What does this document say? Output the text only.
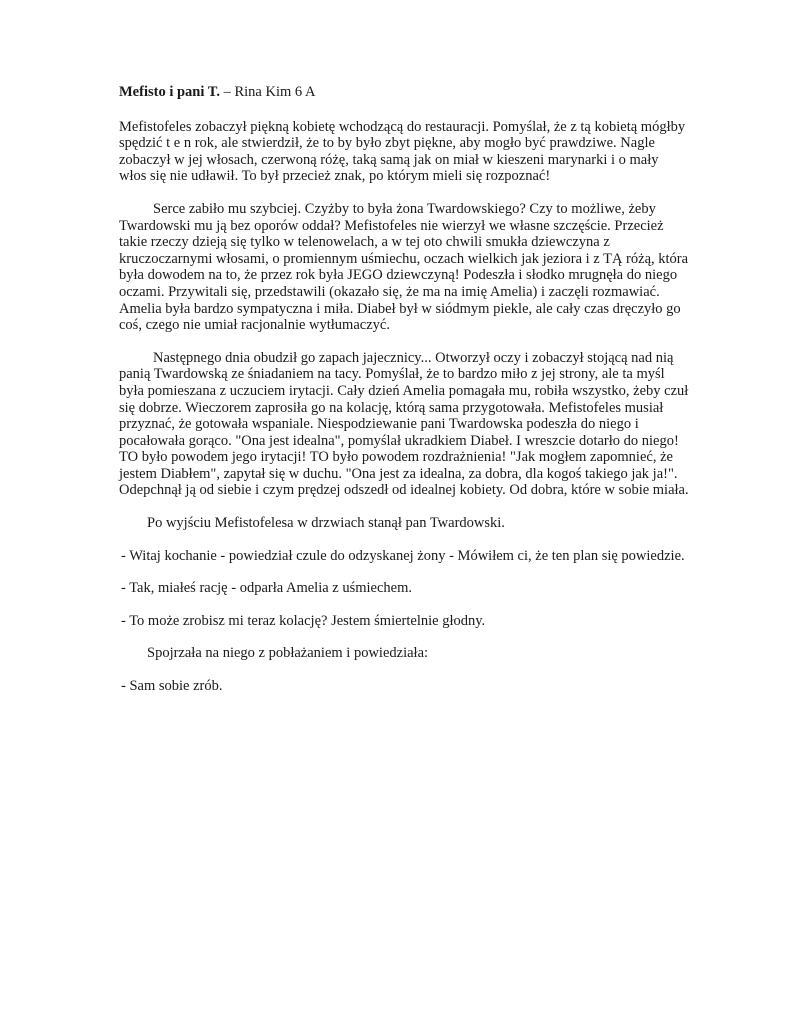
Mefisto i pani T. – Rina Kim 6 A

Mefistofeles zobaczył piękną kobietę wchodzącą do restauracji. Pomyślał, że z tą kobietą mógłby spędzić t e n rok, ale stwierdził, że to by było zbyt piękne, aby mogło być prawdziwe. Nagle zobaczył w jej włosach, czerwoną różę, taką samą jak on miał w kieszeni marynarki i o mały włos się nie udławił. To był przecież znak, po którym mieli się rozpoznać!

Serce zabiło mu szybciej. Czyżby to była żona Twardowskiego? Czy to możliwe, żeby Twardowski mu ją bez oporów oddał? Mefistofeles nie wierzył we własne szczęście. Przecież takie rzeczy dzieją się tylko w telenowelach, a w tej oto chwili smukła dziewczyna z kruczoczarnymi włosami, o promiennym uśmiechu, oczach wielkich jak jeziora i z TĄ różą, która była dowodem na to, że przez rok była JEGO dziewczyną! Podeszła i słodko mrugnęła do niego oczami. Przywitali się, przedstawili (okazało się, że ma na imię Amelia) i zaczęli rozmawiać. Amelia była bardzo sympatyczna i miła. Diabeł był w siódmym piekle, ale cały czas dręczyło go coś, czego nie umiał racjonalnie wytłumaczyć.

Następnego dnia obudził go zapach jajecznicy... Otworzył oczy i zobaczył stojącą nad nią panią Twardowską ze śniadaniem na tacy. Pomyślał, że to bardzo miło z jej strony, ale ta myśl była pomieszana z uczuciem irytacji. Cały dzień Amelia pomagała mu, robiła wszystko, żeby czuł się dobrze. Wieczorem zaprosiła go na kolację, którą sama przygotowała. Mefistofeles musiał przyznać, że gotowała wspaniale. Niespodziewanie pani Twardowska podeszła do niego i pocałowała gorąco. "Ona jest idealna", pomyślał ukradkiem Diabeł. I wreszcie dotarło do niego! TO było powodem jego irytacji! TO było powodem rozdrażnienia! "Jak mogłem zapomnieć, że jestem Diabłem", zapytał się w duchu. "Ona jest za idealna, za dobra, dla kogoś takiego jak ja!". Odepchnął ją od siebie i czym prędzej odszedł od idealnej kobiety. Od dobra, które w sobie miała.

Po wyjściu Mefistofelesa w drzwiach stanął pan Twardowski.

- Witaj kochanie - powiedział czule do odzyskanej żony - Mówiłem ci, że ten plan się powiedzie.

- Tak, miałeś rację - odparła Amelia z uśmiechem.

- To może zrobisz mi teraz kolację? Jestem śmiertelnie głodny.

Spojrzała na niego z pobłażaniem i powiedziała:

- Sam sobie zrób.
